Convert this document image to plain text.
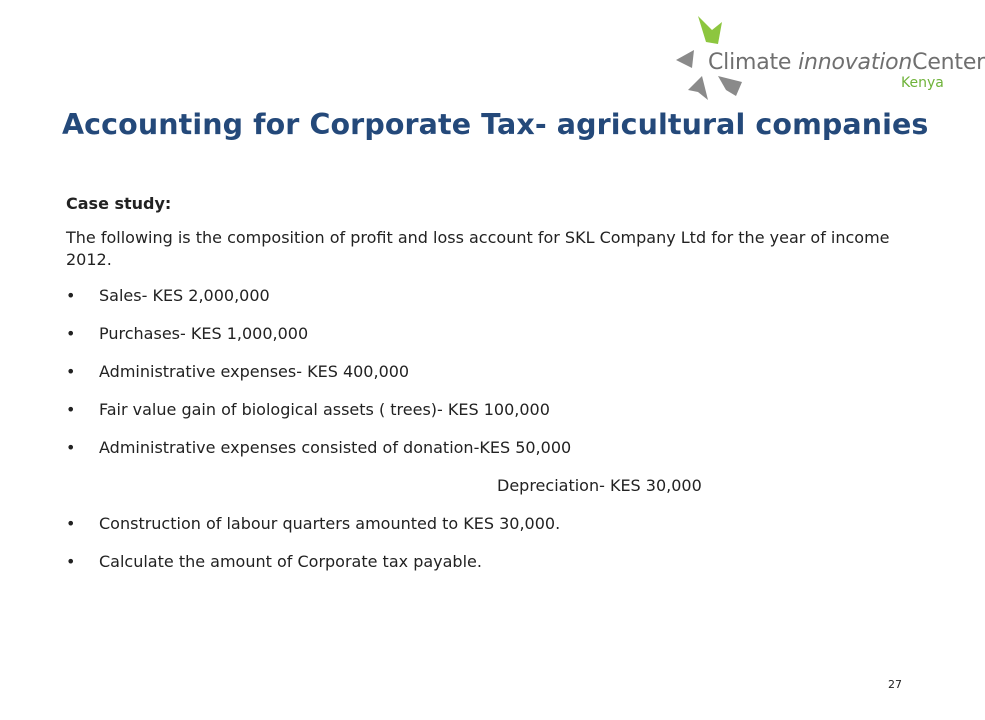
Climate innovationCenter
Kenya
Accounting for Corporate Tax- agricultural companies

Case study:

The following is the composition of profit and loss account for SKL Company Ltd for the year of income 2012.

• Sales- KES 2,000,000
• Purchases- KES 1,000,000
• Administrative expenses- KES 400,000
• Fair value gain of biological assets ( trees)- KES 100,000
• Administrative expenses consisted of donation-KES 50,000
Depreciation- KES 30,000
• Construction of labour quarters amounted to KES 30,000.
• Calculate the amount of Corporate tax payable.
27
